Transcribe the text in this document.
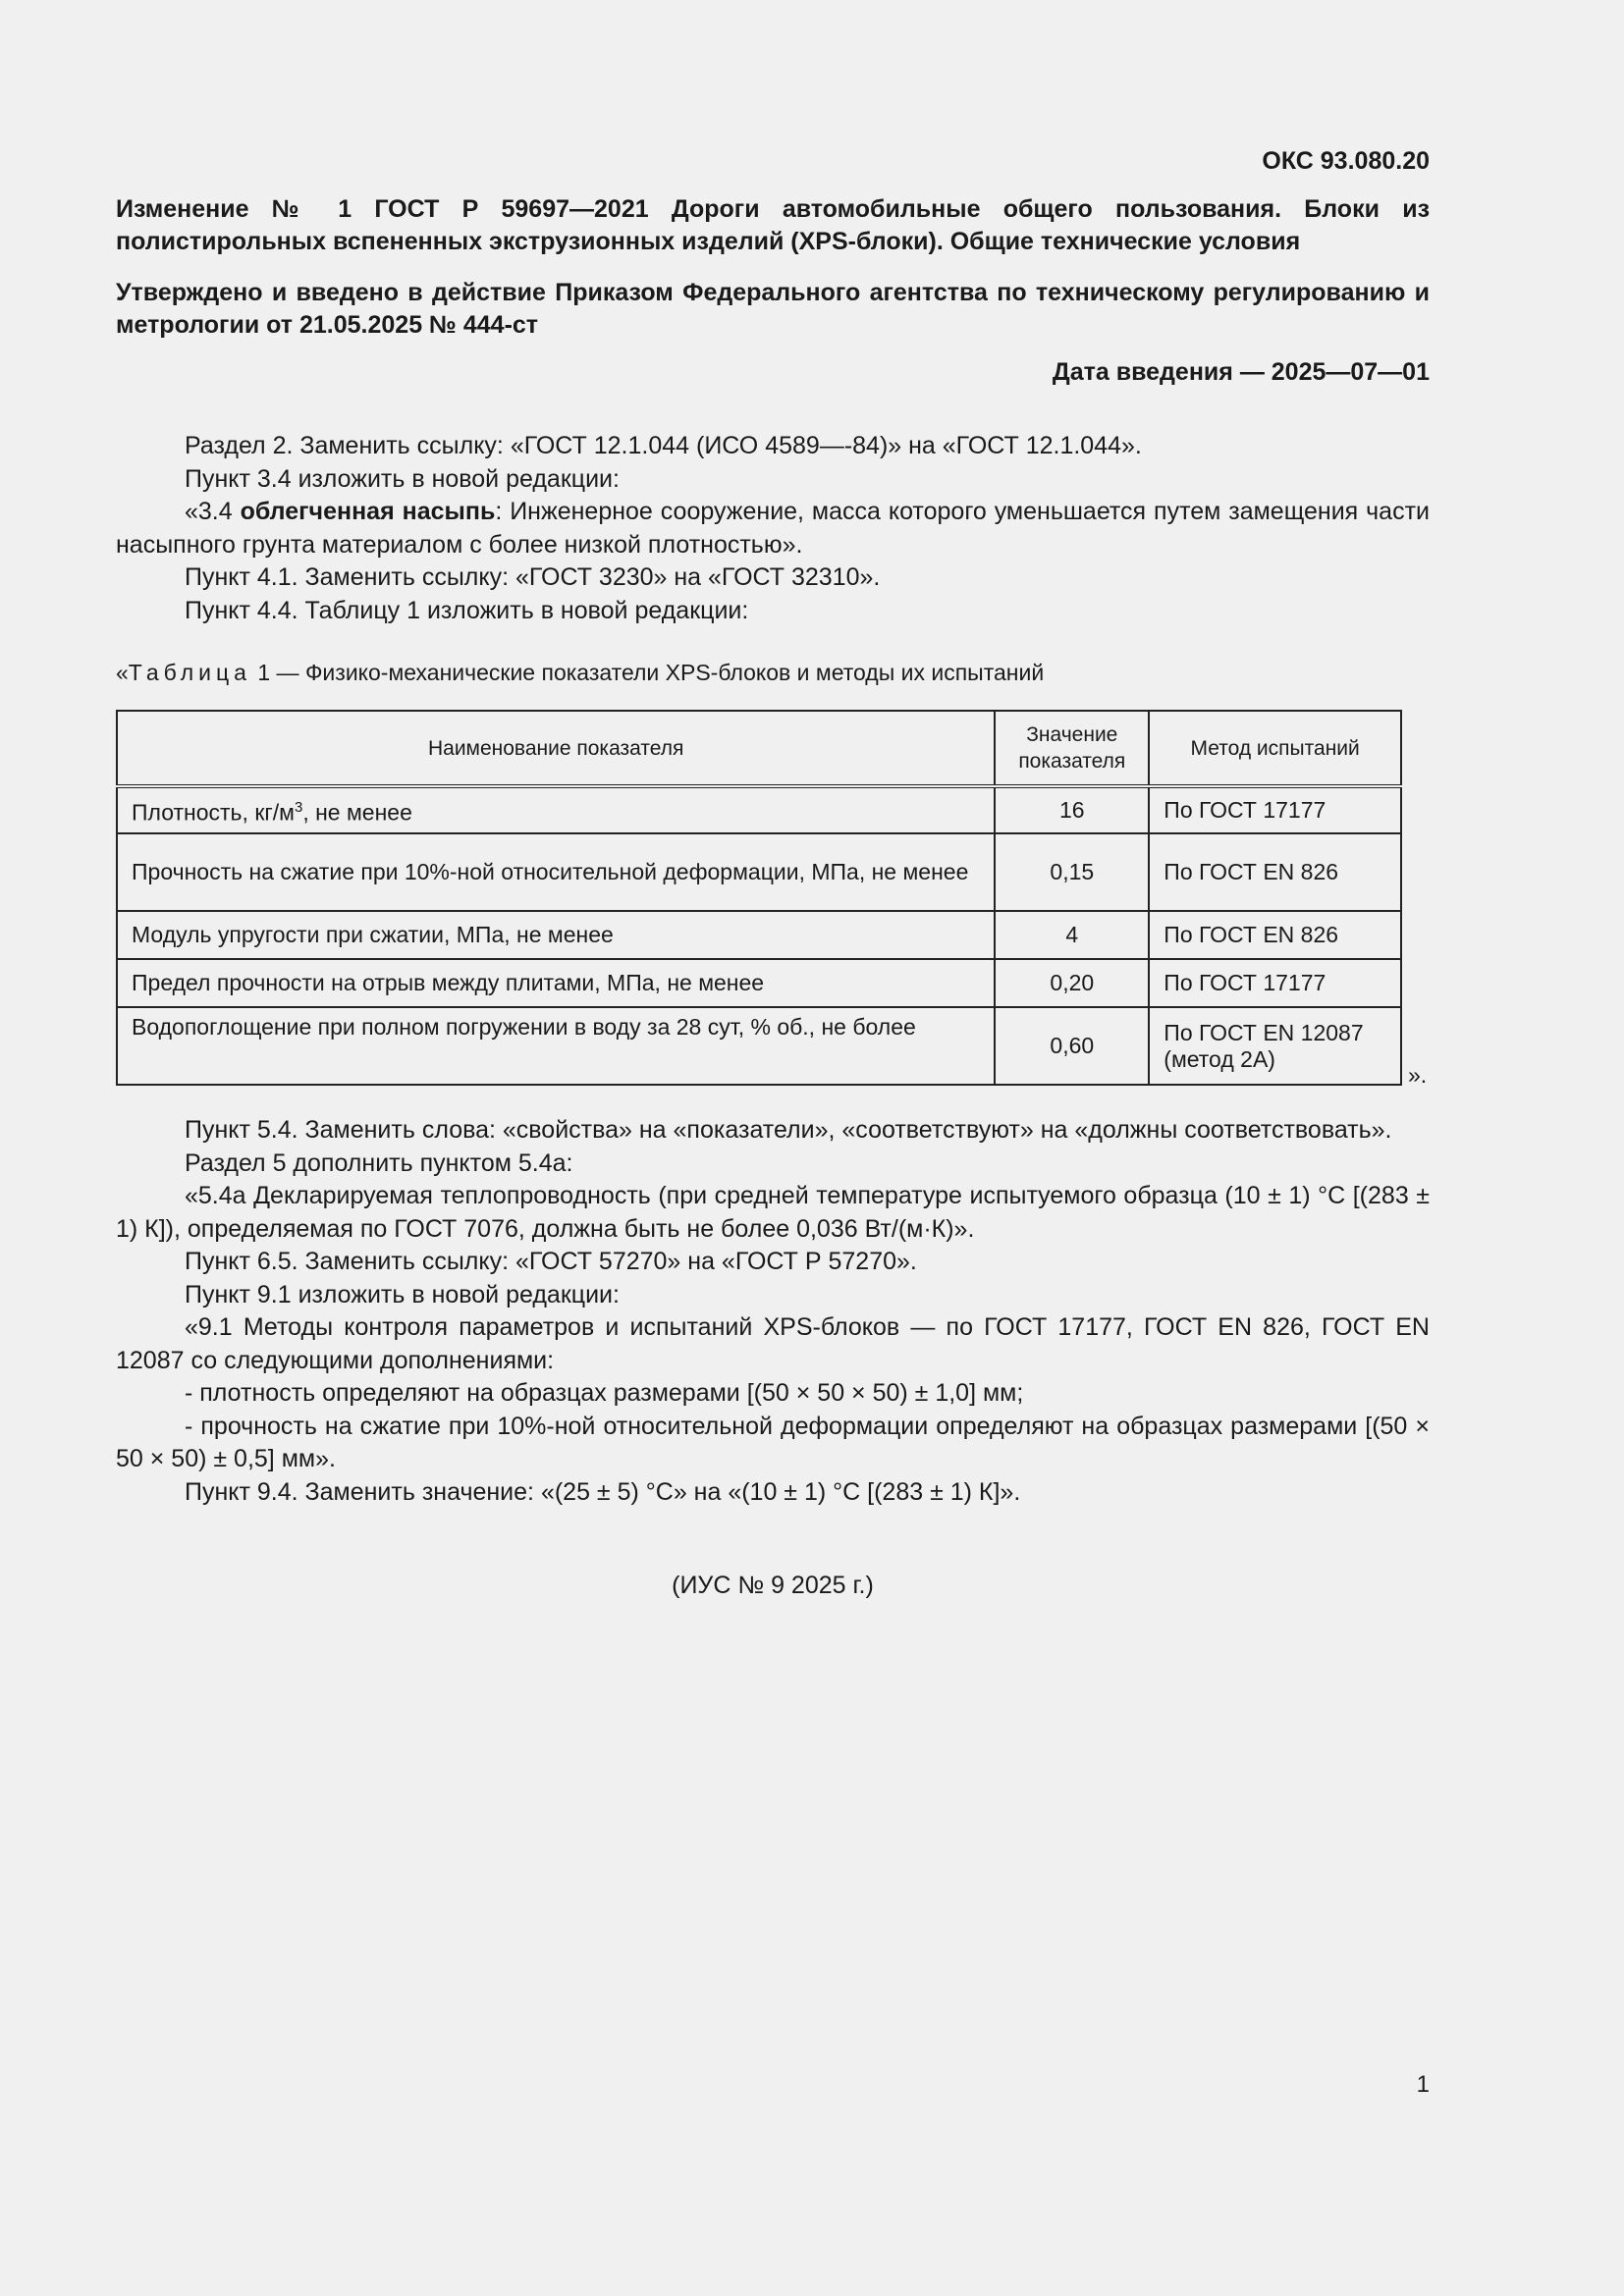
ОКС 93.080.20
Изменение № 1 ГОСТ Р 59697—2021 Дороги автомобильные общего пользования. Блоки из полистирольных вспененных экструзионных изделий (XPS-блоки). Общие технические условия
Утверждено и введено в действие Приказом Федерального агентства по техническому регулированию и метрологии от 21.05.2025 № 444-ст
Дата введения — 2025—07—01

Раздел 2. Заменить ссылку: «ГОСТ 12.1.044 (ИСО 4589—-84)» на «ГОСТ 12.1.044».

Пункт 3.4 изложить в новой редакции:

«3.4 облегченная насыпь: Инженерное сооружение, масса которого уменьшается путем замещения части насыпного грунта материалом с более низкой плотностью».

Пункт 4.1. Заменить ссылку: «ГОСТ 3230» на «ГОСТ 32310».

Пункт 4.4. Таблицу 1 изложить в новой редакции:

«Таблица 1 — Физико-механические показатели XPS-блоков и методы их испытаний
Наименование показателя	Значение показателя	Метод испытаний
Плотность, $кг/м^3$, не менее	16	По ГОСТ 17177
Прочность на сжатие при 10%-ной относительной деформации, МПа, не менее	0,15	По ГОСТ EN 826
Модуль упругости при сжатии, МПа, не менее	4	По ГОСТ EN 826
Предел прочности на отрыв между плитами, МПа, не менее	0,20	По ГОСТ 17177
Водопоглощение при полном погружении в воду за 28 сут, % об., не более	0,60	По ГОСТ EN 12087 (метод 2А)
».

Пункт 5.4. Заменить слова: «свойства» на «показатели», «соответствуют» на «должны соответствовать».

Раздел 5 дополнить пунктом 5.4а:

«5.4а Декларируемая теплопроводность (при средней температуре испытуемого образца (10 ± 1) °С [(283 ± 1) К]), определяемая по ГОСТ 7076, должна быть не более 0,036 Вт/(м·К)».

Пункт 6.5. Заменить ссылку: «ГОСТ 57270» на «ГОСТ Р 57270».

Пункт 9.1 изложить в новой редакции:

«9.1 Методы контроля параметров и испытаний XPS-блоков — по ГОСТ 17177, ГОСТ EN 826, ГОСТ EN 12087 со следующими дополнениями:

- плотность определяют на образцах размерами [(50 × 50 × 50) ± 1,0] мм;

- прочность на сжатие при 10%-ной относительной деформации определяют на образцах размерами [(50 × 50 × 50) ± 0,5] мм».

Пункт 9.4. Заменить значение: «(25 ± 5) °С» на «(10 ± 1) °С [(283 ± 1) К]».

(ИУС № 9 2025 г.)
1
